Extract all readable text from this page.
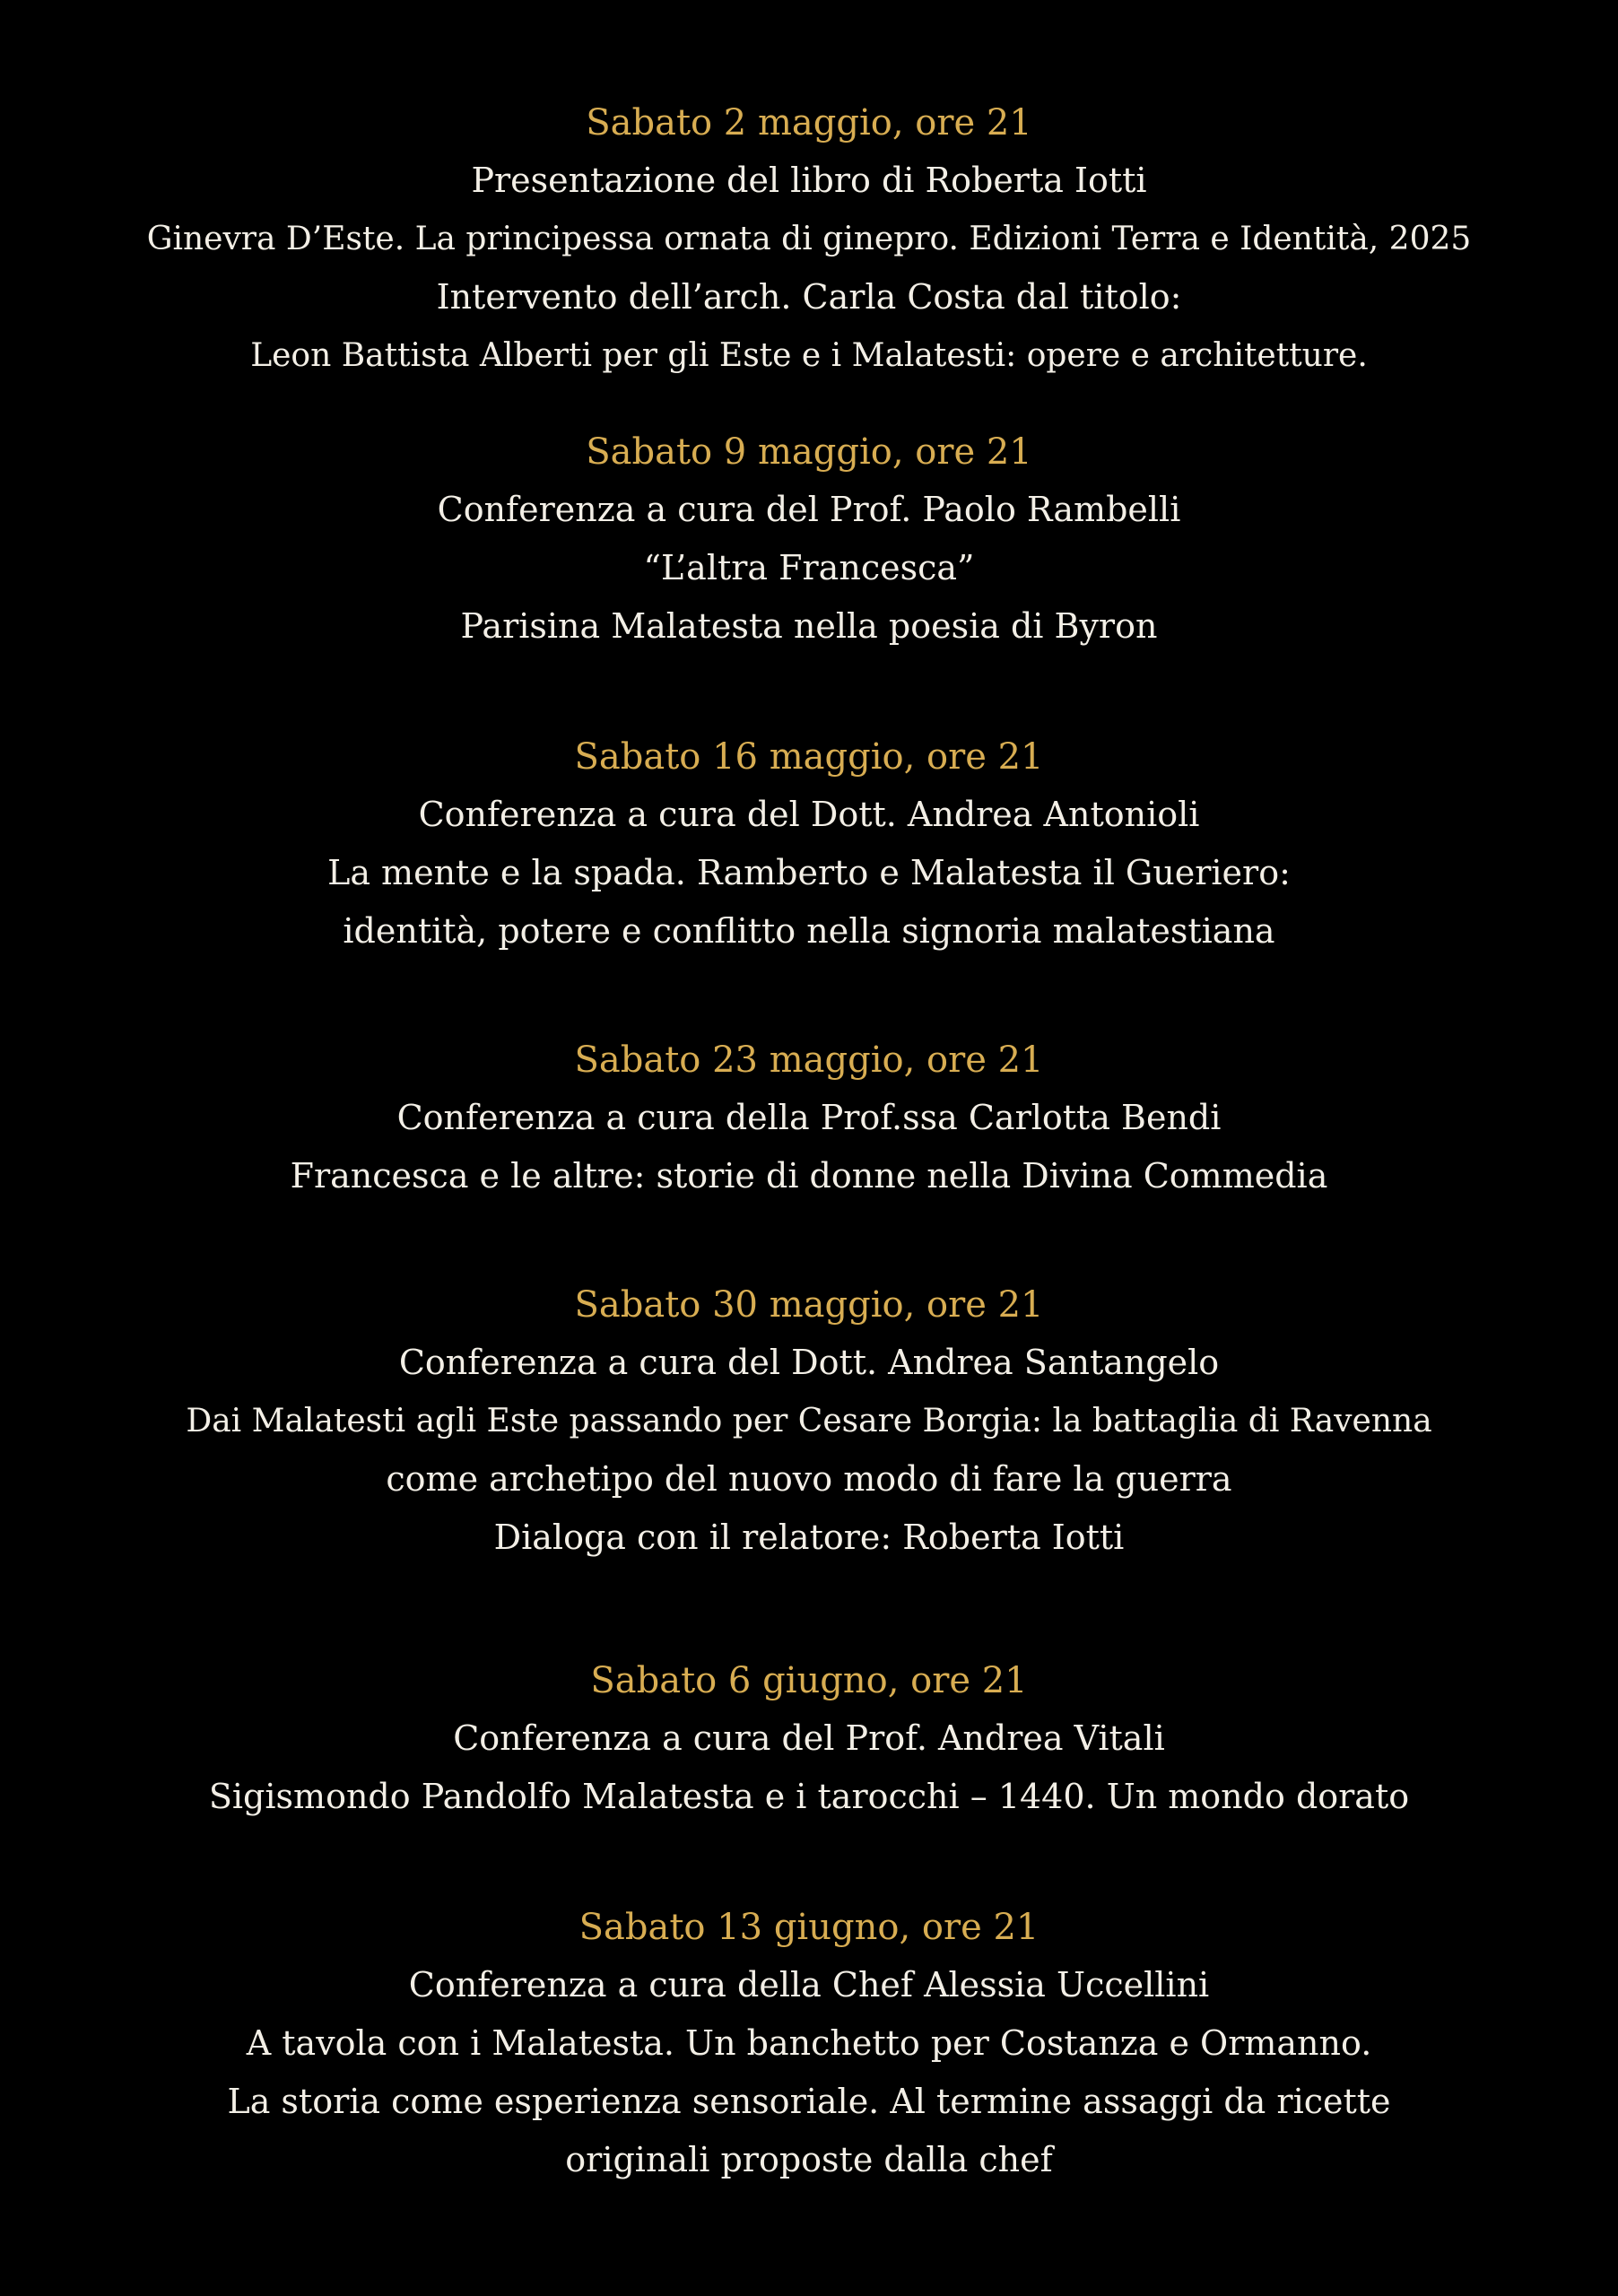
Sabato 2 maggio, ore 21
Presentazione del libro di Roberta Iotti
Ginevra D’Este. La principessa ornata di ginepro. Edizioni Terra e Identità, 2025
Intervento dell’arch. Carla Costa dal titolo:
Leon Battista Alberti per gli Este e i Malatesti: opere e architetture.
Sabato 9 maggio, ore 21
Conferenza a cura del Prof. Paolo Rambelli
“L’altra Francesca”
Parisina Malatesta nella poesia di Byron
Sabato 16 maggio, ore 21
Conferenza a cura del Dott. Andrea Antonioli
La mente e la spada. Ramberto e Malatesta il Gueriero:
identità, potere e conflitto nella signoria malatestiana
Sabato 23 maggio, ore 21
Conferenza a cura della Prof.ssa Carlotta Bendi
Francesca e le altre: storie di donne nella Divina Commedia
Sabato 30 maggio, ore 21
Conferenza a cura del Dott. Andrea Santangelo
Dai Malatesti agli Este passando per Cesare Borgia: la battaglia di Ravenna
come archetipo del nuovo modo di fare la guerra
Dialoga con il relatore: Roberta Iotti
Sabato 6 giugno, ore 21
Conferenza a cura del Prof. Andrea Vitali
Sigismondo Pandolfo Malatesta e i tarocchi – 1440. Un mondo dorato
Sabato 13 giugno, ore 21
Conferenza a cura della Chef Alessia Uccellini
A tavola con i Malatesta. Un banchetto per Costanza e Ormanno.
La storia come esperienza sensoriale. Al termine assaggi da ricette
originali proposte dalla chef
